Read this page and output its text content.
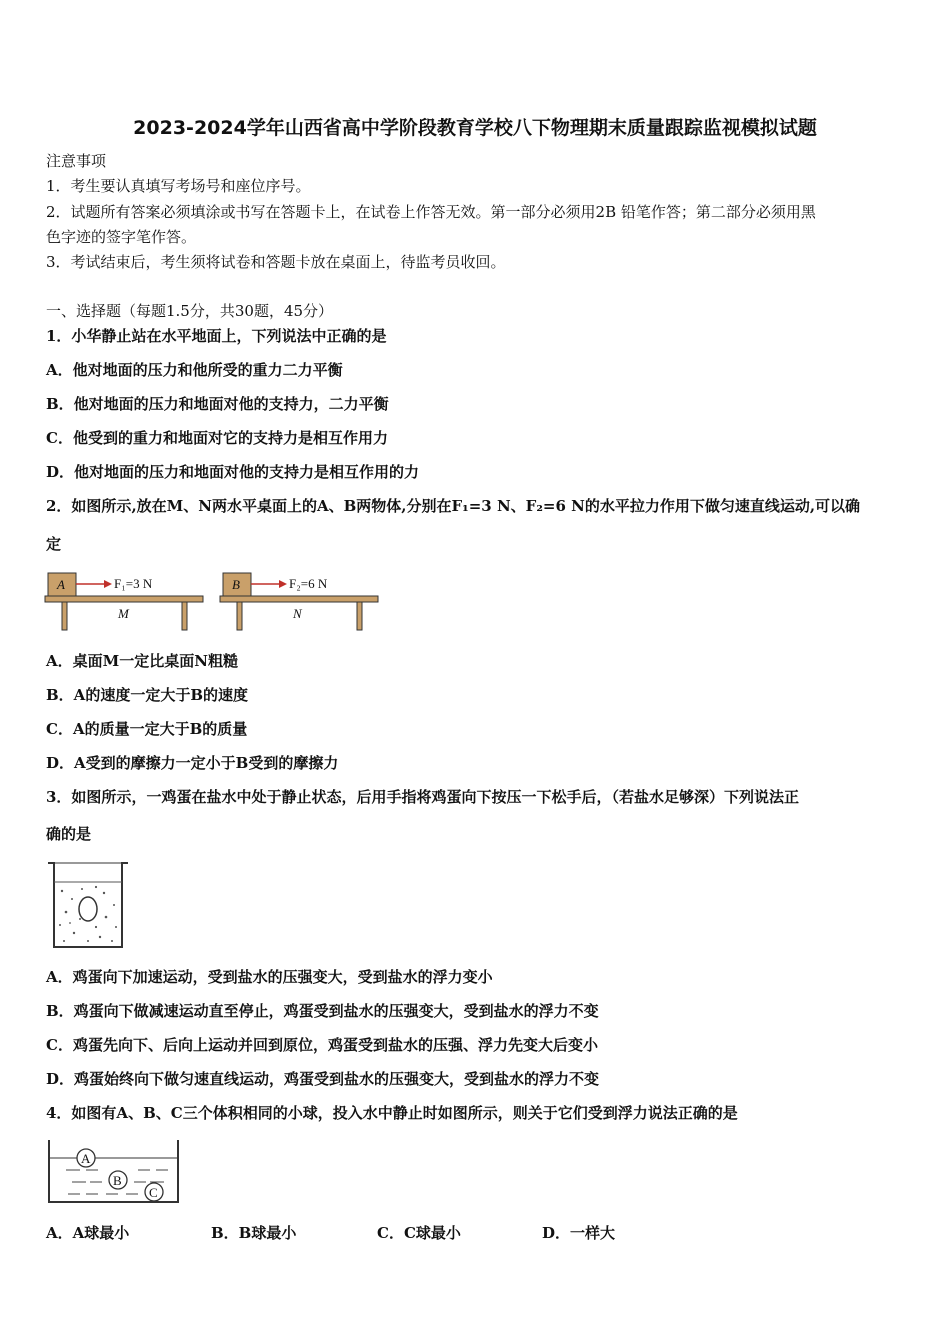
2023-2024学年山西省高中学阶段教育学校八下物理期末质量跟踪监视模拟试题
注意事项
1．考生要认真填写考场号和座位序号。
2．试题所有答案必须填涂或书写在答题卡上，在试卷上作答无效。第一部分必须用2B 铅笔作答；第二部分必须用黑
色字迹的签字笔作答。
3．考试结束后，考生须将试卷和答题卡放在桌面上，待监考员收回。
一、选择题（每题1.5分，共30题，45分）
1．小华静止站在水平地面上，下列说法中正确的是
A．他对地面的压力和他所受的重力二力平衡
B．他对地面的压力和地面对他的支持力，二力平衡
C．他受到的重力和地面对它的支持力是相互作用力
D．他对地面的压力和地面对他的支持力是相互作用的力
2．如图所示,放在M、N两水平桌面上的A、B两物体,分别在F₁=3 N、F₂=6 N的水平拉力作用下做匀速直线运动,可以确
定
A	F₁=3 N
M
B	F₂=6 N
N
A．桌面M一定比桌面N粗糙
B．A的速度一定大于B的速度
C．A的质量一定大于B的质量
D．A受到的摩擦力一定小于B受到的摩擦力
3．如图所示，一鸡蛋在盐水中处于静止状态，后用手指将鸡蛋向下按压一下松手后，（若盐水足够深）下列说法正
确的是
A．鸡蛋向下加速运动，受到盐水的压强变大，受到盐水的浮力变小
B．鸡蛋向下做减速运动直至停止，鸡蛋受到盐水的压强变大，受到盐水的浮力不变
C．鸡蛋先向下、后向上运动并回到原位，鸡蛋受到盐水的压强、浮力先变大后变小
D．鸡蛋始终向下做匀速直线运动，鸡蛋受到盐水的压强变大，受到盐水的浮力不变
4．如图有A、B、C三个体积相同的小球，投入水中静止时如图所示，则关于它们受到浮力说法正确的是
A
B
C
A．A球最小	B．B球最小	C．C球最小	D．一样大
